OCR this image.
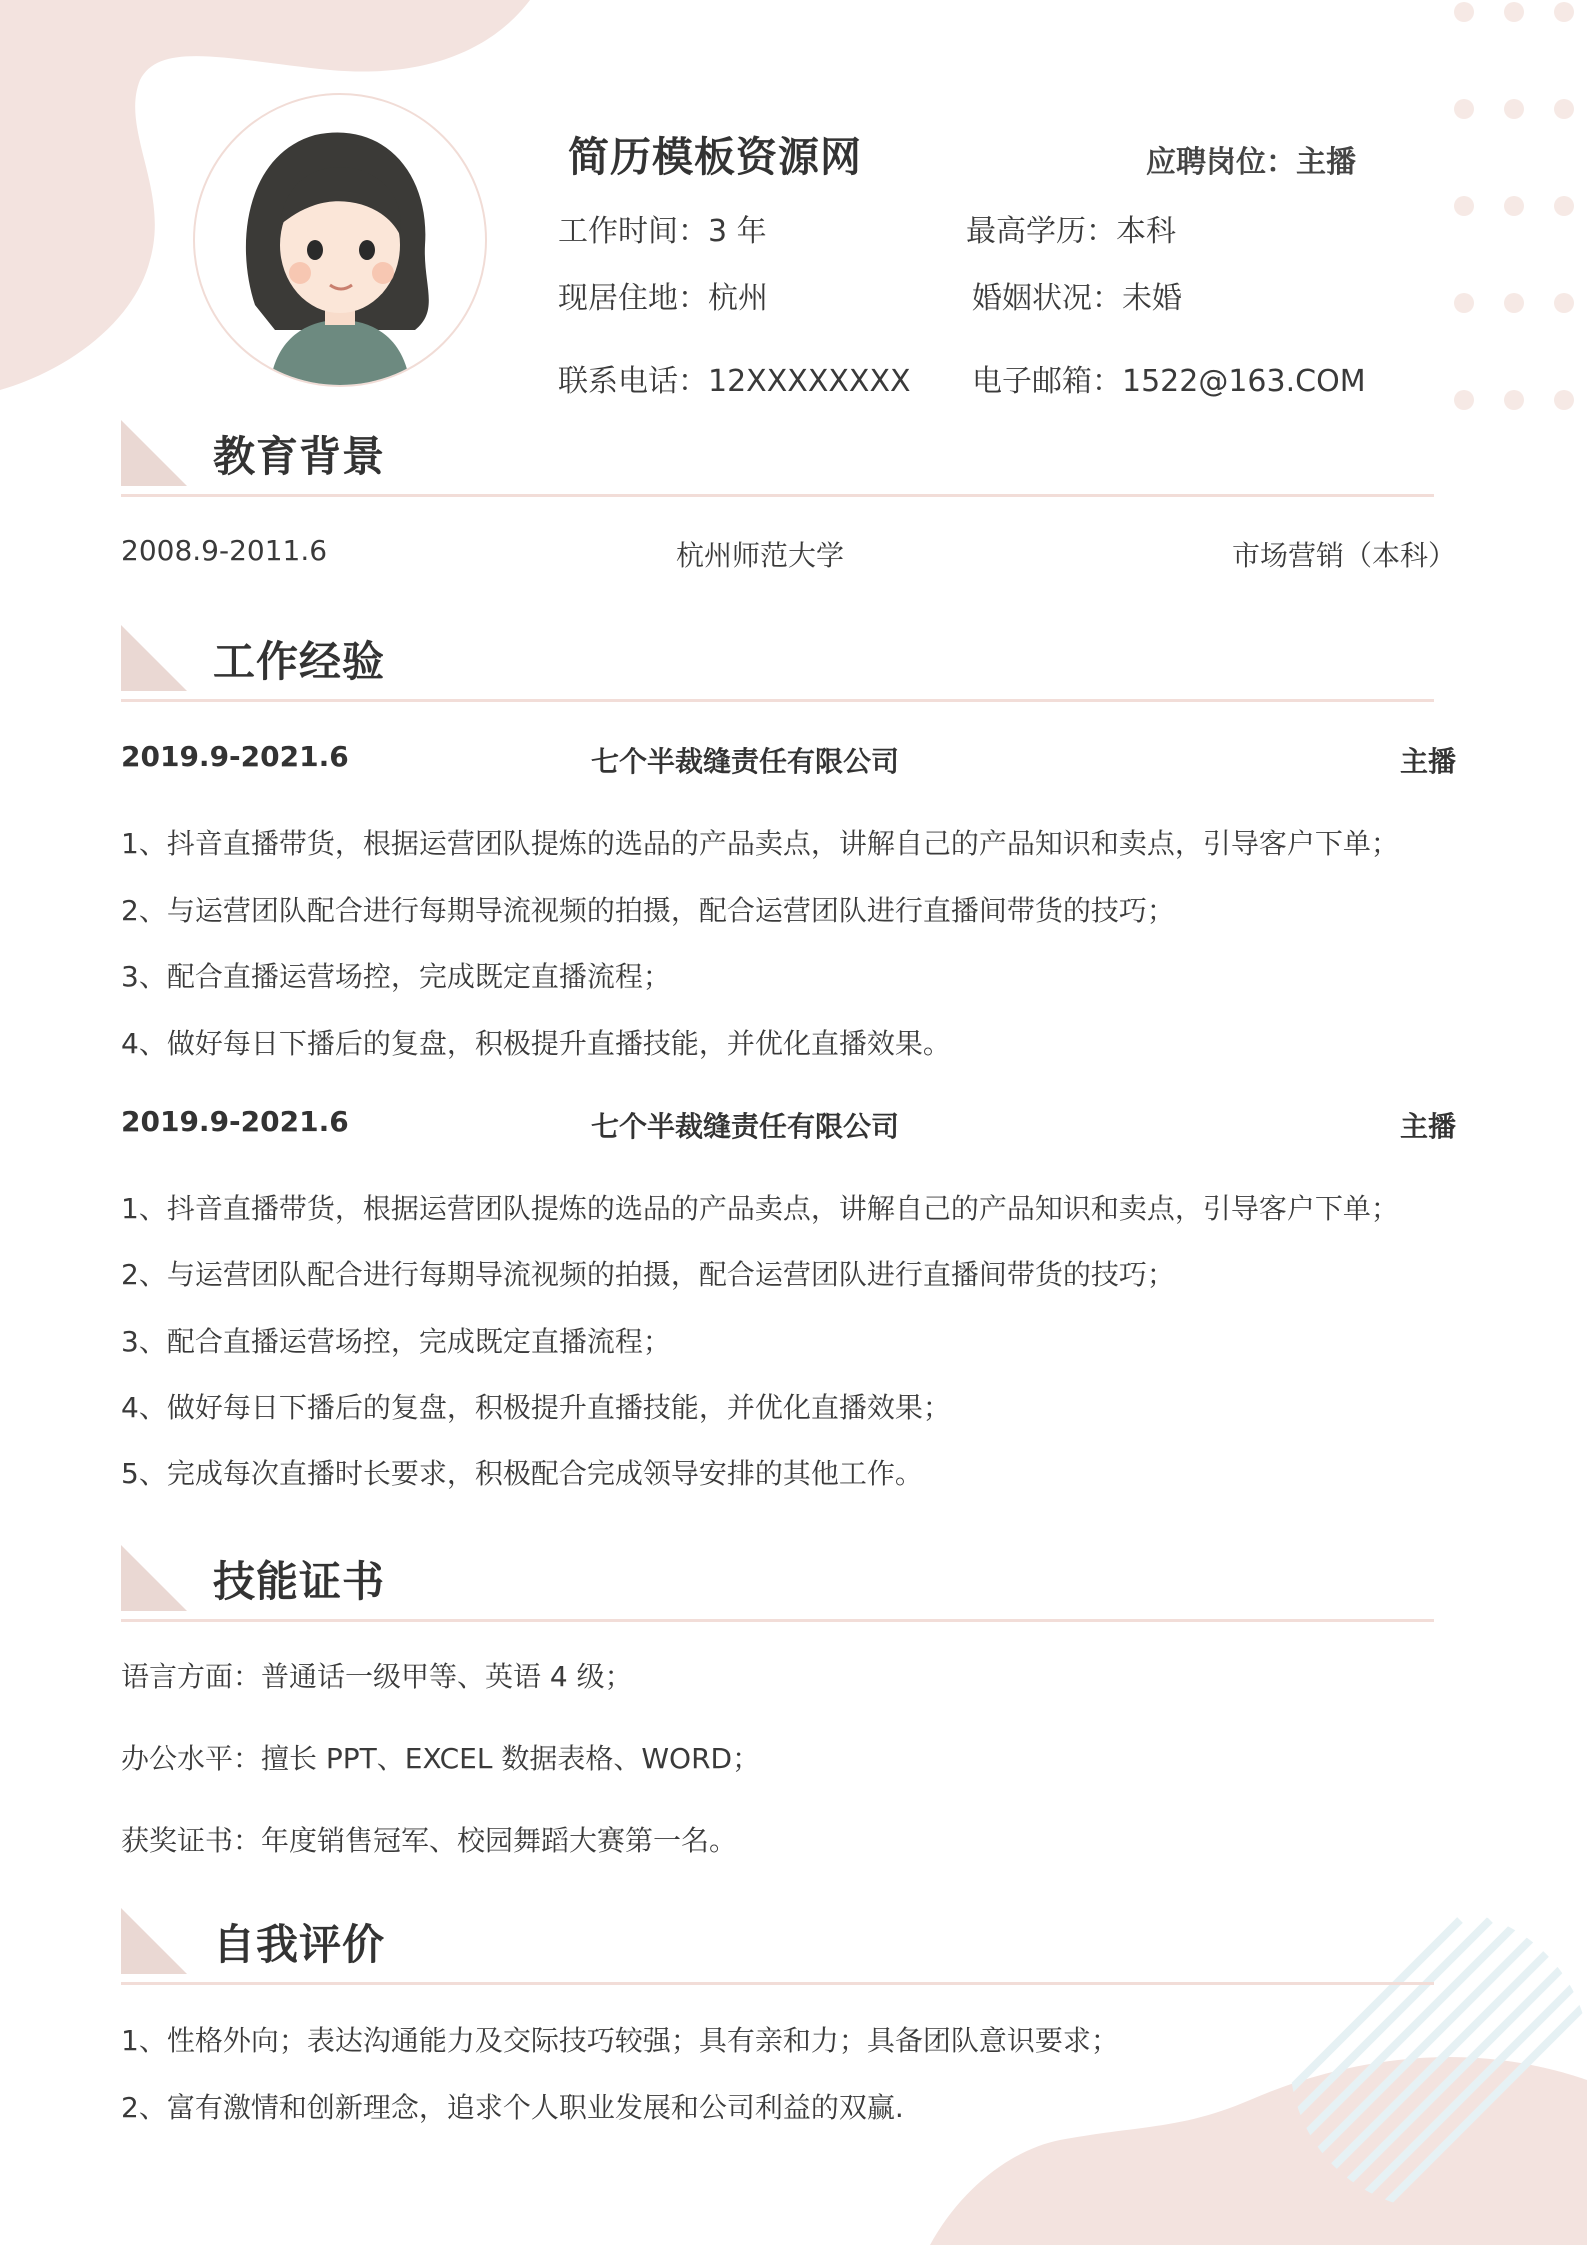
简历模板资源网	应聘岗位：主播
工作时间：3 年	最高学历：本科
现居住地：杭州	婚姻状况：未婚
联系电话：12XXXXXXXX 电子邮箱：1522@163.COM
教育背景
2008.9-2011.6	杭州师范大学	市场营销（本科）
工作经验
2019.9-2021.6	七个半裁缝责任有限公司	主播
1、抖音直播带货，根据运营团队提炼的选品的产品卖点，讲解自己的产品知识和卖点，引导客户下单；
2、与运营团队配合进行每期导流视频的拍摄，配合运营团队进行直播间带货的技巧；
3、配合直播运营场控，完成既定直播流程；
4、做好每日下播后的复盘，积极提升直播技能，并优化直播效果。
2019.9-2021.6	七个半裁缝责任有限公司	主播
1、抖音直播带货，根据运营团队提炼的选品的产品卖点，讲解自己的产品知识和卖点，引导客户下单；
2、与运营团队配合进行每期导流视频的拍摄，配合运营团队进行直播间带货的技巧；
3、配合直播运营场控，完成既定直播流程；
4、做好每日下播后的复盘，积极提升直播技能，并优化直播效果；
5、完成每次直播时长要求，积极配合完成领导安排的其他工作。
技能证书
语言方面：普通话一级甲等、英语 4 级；
办公水平：擅长 PPT、EXCEL 数据表格、WORD；
获奖证书：年度销售冠军、校园舞蹈大赛第一名。
自我评价
1、性格外向；表达沟通能力及交际技巧较强；具有亲和力；具备团队意识要求；
2、富有激情和创新理念，追求个人职业发展和公司利益的双赢.
